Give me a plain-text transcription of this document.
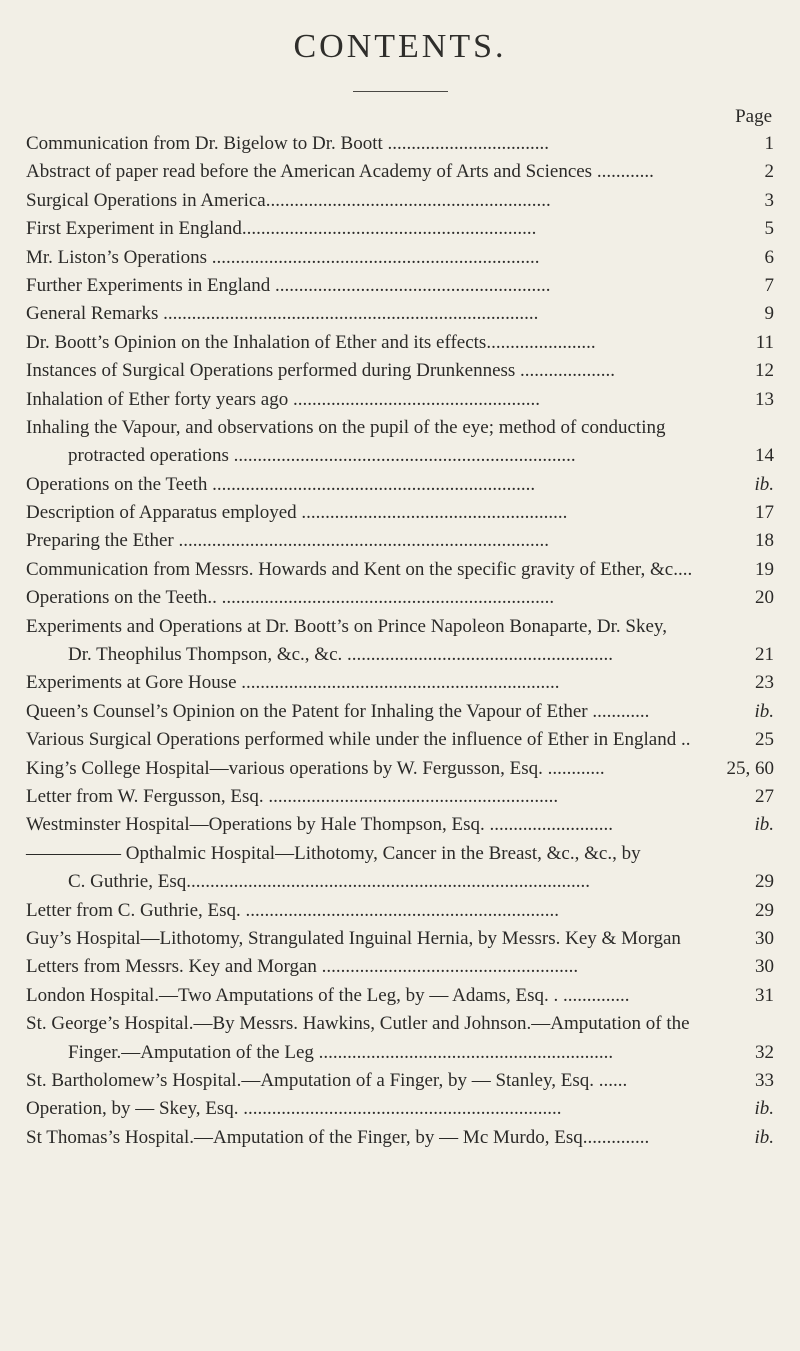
CONTENTS.
Page
Communication from Dr. Bigelow to Dr. Boott ..................................	1
Abstract of paper read before the American Academy of Arts and Sciences ............	2
Surgical Operations in America............................................................	3
First Experiment in England..............................................................	5
Mr. Liston’s Operations .....................................................................	6
Further Experiments in England ..........................................................	7
General Remarks ...............................................................................	9
Dr. Boott’s Opinion on the Inhalation of Ether and its effects.......................	11
Instances of Surgical Operations performed during Drunkenness ....................	12
Inhalation of Ether forty years ago ....................................................	13
Inhaling the Vapour, and observations on the pupil of the eye; method of conducting
protracted operations ........................................................................	14
Operations on the Teeth ....................................................................	ib.
Description of Apparatus employed ........................................................	17
Preparing the Ether ..............................................................................	18
Communication from Messrs. Howards and Kent on the specific gravity of Ether, &c....	19
Operations on the Teeth.. ......................................................................	20
Experiments and Operations at Dr. Boott’s on Prince Napoleon Bonaparte, Dr. Skey,
Dr. Theophilus Thompson, &c., &c. ........................................................	21
Experiments at Gore House ...................................................................	23
Queen’s Counsel’s Opinion on the Patent for Inhaling the Vapour of Ether ............	ib.
Various Surgical Operations performed while under the influence of Ether in England ..	25
King’s College Hospital—various operations by W. Fergusson, Esq. ............	25, 60
Letter from W. Fergusson, Esq. .............................................................	27
Westminster Hospital—Operations by Hale Thompson, Esq. ..........................	ib.
————— Opthalmic Hospital—Lithotomy, Cancer in the Breast, &c., &c., by
C. Guthrie, Esq.....................................................................................	29
Letter from C. Guthrie, Esq. ..................................................................	29
Guy’s Hospital—Lithotomy, Strangulated Inguinal Hernia, by Messrs. Key & Morgan	30
Letters from Messrs. Key and Morgan ......................................................	30
London Hospital.—Two Amputations of the Leg, by — Adams, Esq. . ..............	31
St. George’s Hospital.—By Messrs. Hawkins, Cutler and Johnson.—Amputation of the
Finger.—Amputation of the Leg ..............................................................	32
St. Bartholomew’s Hospital.—Amputation of a Finger, by — Stanley, Esq. ......	33
Operation, by — Skey, Esq. ...................................................................	ib.
St Thomas’s Hospital.—Amputation of the Finger, by — Mc Murdo, Esq..............	ib.
